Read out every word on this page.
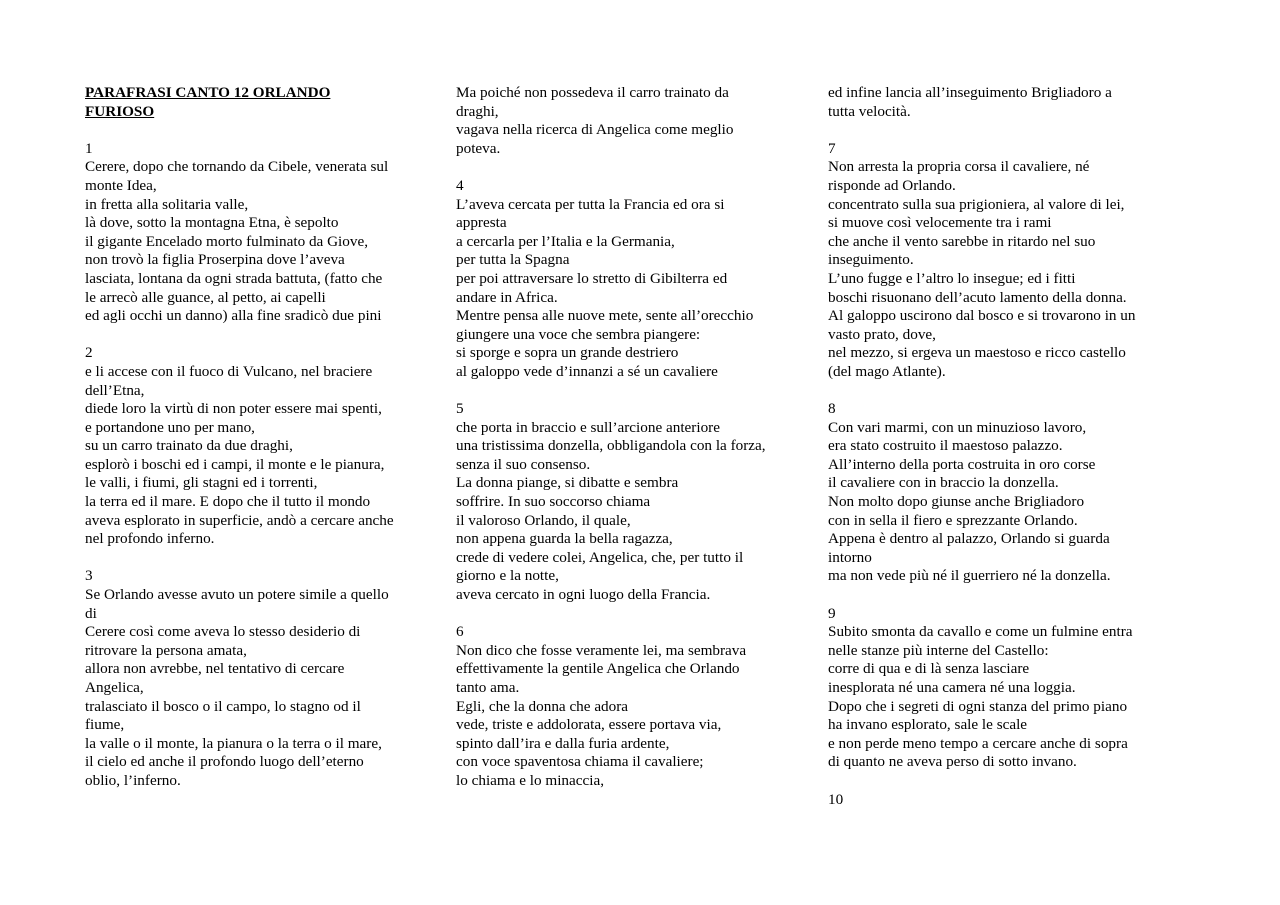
PARAFRASI CANTO 12 ORLANDO
FURIOSO

1
Cerere, dopo che tornando da Cibele, venerata sul
monte Idea,
in fretta alla solitaria valle,
là dove, sotto la montagna Etna, è sepolto
il gigante Encelado morto fulminato da Giove,
non trovò la figlia Proserpina dove l’aveva
lasciata, lontana da ogni strada battuta, (fatto che
le arrecò alle guance, al petto, ai capelli
ed agli occhi un danno) alla fine sradicò due pini
2
e li accese con il fuoco di Vulcano, nel braciere
dell’Etna,
diede loro la virtù di non poter essere mai spenti,
e portandone uno per mano,
su un carro trainato da due draghi,
esplorò i boschi ed i campi, il monte e le pianura,
le valli, i fiumi, gli stagni ed i torrenti,
la terra ed il mare. E dopo che il tutto il mondo
aveva esplorato in superficie, andò a cercare anche
nel profondo inferno.
3
Se Orlando avesse avuto un potere simile a quello
di
Cerere così come aveva lo stesso desiderio di
ritrovare la persona amata,
allora non avrebbe, nel tentativo di cercare
Angelica,
tralasciato il bosco o il campo, lo stagno od il
fiume,
la valle o il monte, la pianura o la terra o il mare,
il cielo ed anche il profondo luogo dell’eterno
oblio, l’inferno.
Ma poiché non possedeva il carro trainato da
draghi,
vagava nella ricerca di Angelica come meglio
poteva.
4
L’aveva cercata per tutta la Francia ed ora si
appresta
a cercarla per l’Italia e la Germania,
per tutta la Spagna
per poi attraversare lo stretto di Gibilterra ed
andare in Africa.
Mentre pensa alle nuove mete, sente all’orecchio
giungere una voce che sembra piangere:
si sporge e sopra un grande destriero
al galoppo vede d’innanzi a sé un cavaliere
5
che porta in braccio e sull’arcione anteriore
una tristissima donzella, obbligandola con la forza,
senza il suo consenso.
La donna piange, si dibatte e sembra
soffrire. In suo soccorso chiama
il valoroso Orlando, il quale,
non appena guarda la bella ragazza,
crede di vedere colei, Angelica, che, per tutto il
giorno e la notte,
aveva cercato in ogni luogo della Francia.
6
Non dico che fosse veramente lei, ma sembrava
effettivamente la gentile Angelica che Orlando
tanto ama.
Egli, che la donna che adora
vede, triste e addolorata, essere portava via,
spinto dall’ira e dalla furia ardente,
con voce spaventosa chiama il cavaliere;
lo chiama e lo minaccia,
ed infine lancia all’inseguimento Brigliadoro a
tutta velocità.
7
Non arresta la propria corsa il cavaliere, né
risponde ad Orlando.
concentrato sulla sua prigioniera, al valore di lei,
si muove così velocemente tra i rami
che anche il vento sarebbe in ritardo nel suo
inseguimento.
L’uno fugge e l’altro lo insegue; ed i fitti
boschi risuonano dell’acuto lamento della donna.
Al galoppo uscirono dal bosco e si trovarono in un
vasto prato, dove,
nel mezzo, si ergeva un maestoso e ricco castello
(del mago Atlante).
8
Con vari marmi, con un minuzioso lavoro,
era stato costruito il maestoso palazzo.
All’interno della porta costruita in oro corse
il cavaliere con in braccio la donzella.
Non molto dopo giunse anche Brigliadoro
con in sella il fiero e sprezzante Orlando.
Appena è dentro al palazzo, Orlando si guarda
intorno
ma non vede più né il guerriero né la donzella.
9
Subito smonta da cavallo e come un fulmine entra
nelle stanze più interne del Castello:
corre di qua e di là senza lasciare
inesplorata né una camera né una loggia.
Dopo che i segreti di ogni stanza del primo piano
ha invano esplorato, sale le scale
e non perde meno tempo a cercare anche di sopra
di quanto ne aveva perso di sotto invano.
10
